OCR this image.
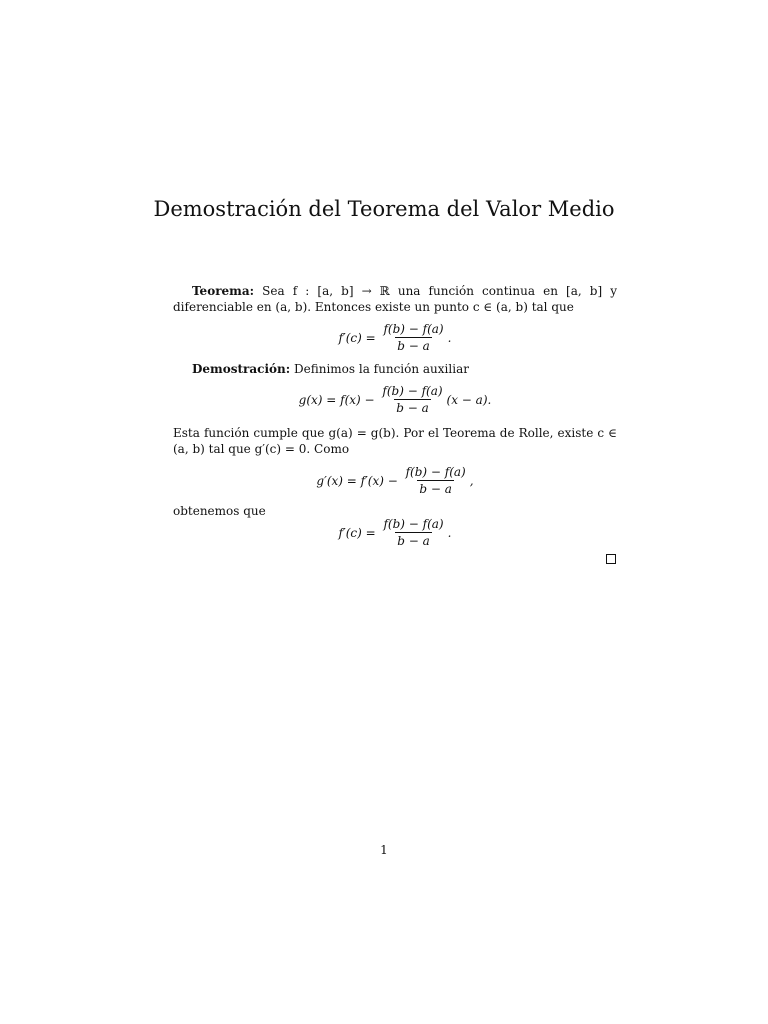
Demostración del Teorema del Valor Medio
Teorema: Sea f : [a, b] → ℝ una función continua en [a, b] y diferenciable en (a, b). Entonces existe un punto c ∈ (a, b) tal que
$f'(c) = \frac{f(b) - f(a)}{b - a}$ .
Demostración: Definimos la función auxiliar
$g(x) = f(x) - \frac{f(b) - f(a)}{b - a} (x - a)$.
Esta función cumple que g(a) = g(b). Por el Teorema de Rolle, existe c ∈ (a, b) tal que g′(c) = 0. Como
$g'(x) = f'(x) - \frac{f(b) - f(a)}{b - a}$ ,
obtenemos que
$f'(c) = \frac{f(b) - f(a)}{b - a}$ .
1
